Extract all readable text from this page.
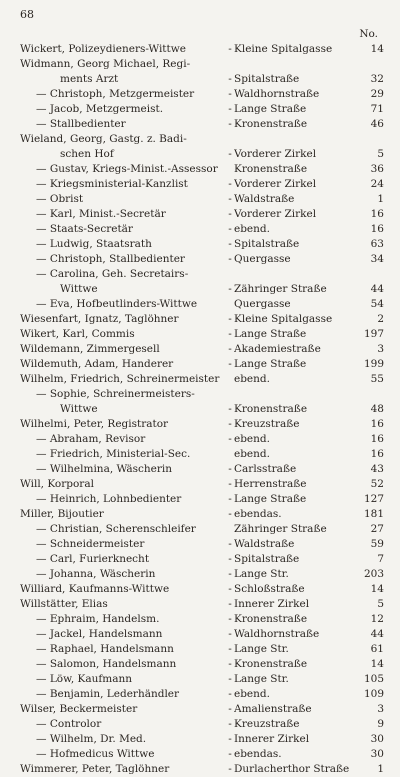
68
No.
Wickert, Polizeydieners-Wittwe	- Kleine Spitalgasse	14
Widmann, Georg Michael, Regi-
ments Arzt	- Spitalstraße	32
— Christoph, Metzgermeister	- Waldhornstraße	29
— Jacob, Metzgermeist.	- Lange Straße	71
— Stallbedienter	- Kronenstraße	46
Wieland, Georg, Gastg. z. Badi-
schen Hof	- Vorderer Zirkel	5
— Gustav, Kriegs-Minist.-Assessor	Kronenstraße	36
— Kriegsministerial-Kanzlist	- Vorderer Zirkel	24
— Obrist	- Waldstraße	1
— Karl, Minist.-Secretär	- Vorderer Zirkel	16
— Staats-Secretär	- ebend.	16
— Ludwig, Staatsrath	- Spitalstraße	63
— Christoph, Stallbedienter	- Quergasse	34
— Carolina, Geh. Secretairs-
Wittwe	- Zähringer Straße	44
— Eva, Hofbeutlinders-Wittwe	Quergasse	54
Wiesenfart, Ignatz, Taglöhner	- Kleine Spitalgasse	2
Wikert, Karl, Commis	- Lange Straße	197
Wildemann, Zimmergesell	- Akademiestraße	3
Wildemuth, Adam, Handerer	- Lange Straße	199
Wilhelm, Friedrich, Schreinermeister	ebend.	55
— Sophie, Schreinermeisters-
Wittwe	- Kronenstraße	48
Wilhelmi, Peter, Registrator	- Kreuzstraße	16
— Abraham, Revisor	- ebend.	16
— Friedrich, Ministerial-Sec.	ebend.	16
— Wilhelmina, Wäscherin	- Carlsstraße	43
Will, Korporal	- Herrenstraße	52
— Heinrich, Lohnbedienter	- Lange Straße	127
Miller, Bijoutier	- ebendas.	181
— Christian, Scherenschleifer	Zähringer Straße	27
— Schneidermeister	- Waldstraße	59
— Carl, Furierknecht	- Spitalstraße	7
— Johanna, Wäscherin	- Lange Str.	203
Williard, Kaufmanns-Wittwe	- Schloßstraße	14
Willstätter, Elias	- Innerer Zirkel	5
— Ephraim, Handelsm.	- Kronenstraße	12
— Jackel, Handelsmann	- Waldhornstraße	44
— Raphael, Handelsmann	- Lange Str.	61
— Salomon, Handelsmann	- Kronenstraße	14
— Löw, Kaufmann	- Lange Str.	105
— Benjamin, Lederhändler	- ebend.	109
Wilser, Beckermeister	- Amalienstraße	3
— Controlor	- Kreuzstraße	9
— Wilhelm, Dr. Med.	- Innerer Zirkel	30
— Hofmedicus Wittwe	- ebendas.	30
Wimmerer, Peter, Taglöhner	- Durlacherthor Straße	1
